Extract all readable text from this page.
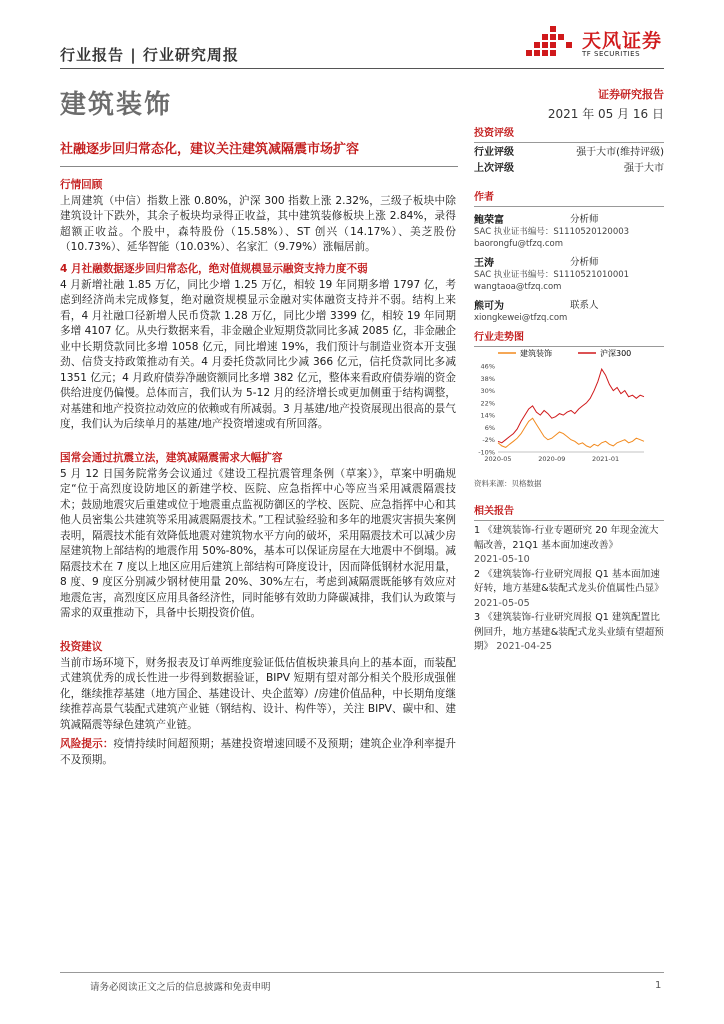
行业报告 | 行业研究周报
天风证券
TF SECURITIES
建筑装饰	证券研究报告
2021 年 05 月 16 日
社融逐步回归常态化，建议关注建筑减隔震市场扩容
行情回顾

上周建筑（中信）指数上涨 0.80%，沪深 300 指数上涨 2.32%，三级子板块中除建筑设计下跌外，其余子板块均录得正收益，其中建筑装修板块上涨 2.84%，录得超额正收益。个股中，森特股份（15.58%）、ST 创兴（14.17%）、美芝股份（10.73%）、延华智能（10.03%）、名家汇（9.79%）涨幅居前。

4 月社融数据逐步回归常态化，绝对值规模显示融资支持力度不弱

4 月新增社融 1.85 万亿，同比少增 1.25 万亿，相较 19 年同期多增 1797 亿，考虑到经济尚未完成修复，绝对融资规模显示金融对实体融资支持并不弱。结构上来看，4 月社融口径新增人民币贷款 1.28 万亿，同比少增 3399 亿，相较 19 年同期多增 4107 亿。从央行数据来看，非金融企业短期贷款同比多减 2085 亿，非金融企业中长期贷款同比多增 1058 亿元，同比增速 19%，我们预计与制造业资本开支强劲、信贷支持政策推动有关。4 月委托贷款同比少减 366 亿元，信托贷款同比多减 1351 亿元；4 月政府债券净融资额同比多增 382 亿元，整体来看政府债券端的资金供给进度仍偏慢。总体而言，我们认为 5-12 月的经济增长或更加侧重于结构调整，对基建和地产投资拉动效应的依赖或有所减弱。3 月基建/地产投资展现出很高的景气度，我们认为后续单月的基建/地产投资增速或有所回落。

国常会通过抗震立法，建筑减隔震需求大幅扩容

5 月 12 日国务院常务会议通过《建设工程抗震管理条例（草案）》，草案中明确规定“位于高烈度设防地区的新建学校、医院、应急指挥中心等应当采用减震隔震技术；鼓励地震灾后重建或位于地震重点监视防御区的学校、医院、应急指挥中心和其他人员密集公共建筑等采用减震隔震技术。”工程试验经验和多年的地震灾害损失案例表明，隔震技术能有效降低地震对建筑物水平方向的破坏，采用隔震技术可以减少房屋建筑物上部结构的地震作用 50%-80%，基本可以保证房屋在大地震中不倒塌。减隔震技术在 7 度以上地区应用后建筑上部结构可降度设计，因而降低钢材水泥用量，8 度、9 度区分别减少钢材使用量 20%、30%左右，考虑到减隔震既能够有效应对地震危害，高烈度区应用具备经济性，同时能够有效助力降碳减排，我们认为政策与需求的双重推动下，具备中长期投资价值。

投资建议

当前市场环境下，财务报表及订单两维度验证低估值板块兼具向上的基本面，而装配式建筑优秀的成长性进一步得到数据验证，BIPV 短期有望对部分相关个股形成强催化，继续推荐基建（地方国企、基建设计、央企蓝筹）/房建价值品种，中长期角度继续推荐高景气装配式建筑产业链（钢结构、设计、构件等），关注 BIPV、碳中和、建筑减隔震等绿色建筑产业链。

风险提示：疫情持续时间超预期；基建投资增速回暖不及预期；建筑企业净利率提升不及预期。

投资评级
行业评级	强于大市(维持评级)
上次评级	强于大市
作者
鲍荣富	分析师
SAC 执业证书编号：S1110520120003
baorongfu@tfzq.com
王涛	分析师
SAC 执业证书编号：S1110521010001
wangtaoa@tfzq.com
熊可为	联系人
xiongkewei@tfzq.com
行业走势图
建筑装饰	沪深300
46%
38%
30%
22%
14%
6%
-2%
-10%
2020-05	2020-09	2021-01
资料来源：贝格数据
相关报告
1 《建筑装饰-行业专题研究 20 年现金流大幅改善，21Q1 基本面加速改善》
2021-05-10
2 《建筑装饰-行业研究周报 Q1 基本面加速好转，地方基建&装配式龙头价值属性凸显》 2021-05-05
3 《建筑装饰-行业研究周报 Q1 建筑配置比例回升，地方基建&装配式龙头业绩有望超预期》 2021-04-25
请务必阅读正文之后的信息披露和免责申明	1
